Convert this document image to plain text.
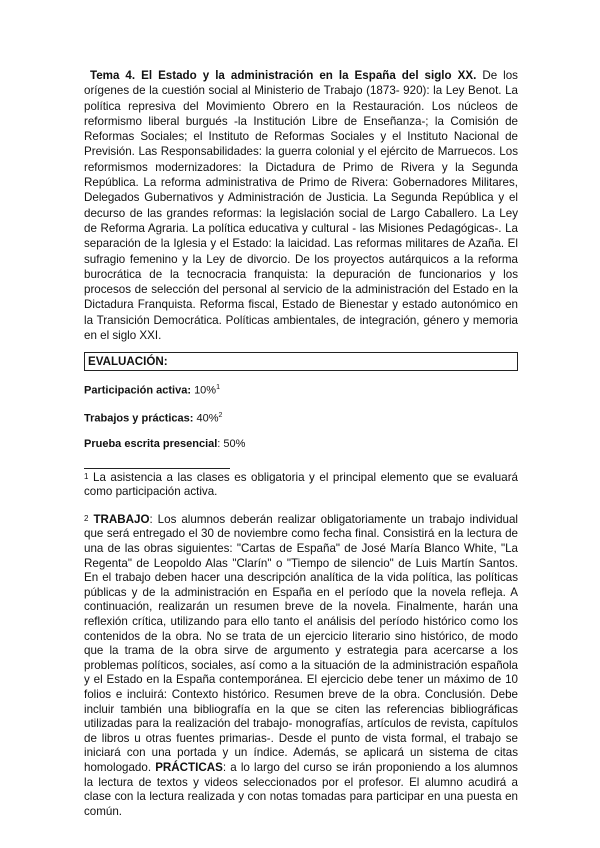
Tema 4. El Estado y la administración en la España del siglo XX. De los orígenes de la cuestión social al Ministerio de Trabajo (1873- 920): la Ley Benot. La política represiva del Movimiento Obrero en la Restauración. Los núcleos de reformismo liberal burgués -la Institución Libre de Enseñanza-; la Comisión de Reformas Sociales; el Instituto de Reformas Sociales y el Instituto Nacional de Previsión. Las Responsabilidades: la guerra colonial y el ejército de Marruecos. Los reformismos modernizadores: la Dictadura de Primo de Rivera y la Segunda República. La reforma administrativa de Primo de Rivera: Gobernadores Militares, Delegados Gubernativos y Administración de Justicia. La Segunda República y el decurso de las grandes reformas: la legislación social de Largo Caballero. La Ley de Reforma Agraria. La política educativa y cultural - las Misiones Pedagógicas-. La separación de la Iglesia y el Estado: la laicidad. Las reformas militares de Azaña. El sufragio femenino y la Ley de divorcio. De los proyectos autárquicos a la reforma burocrática de la tecnocracia franquista: la depuración de funcionarios y los procesos de selección del personal al servicio de la administración del Estado en la Dictadura Franquista. Reforma fiscal, Estado de Bienestar y estado autonómico en la Transición Democrática. Políticas ambientales, de integración, género y memoria en el siglo XXI.

EVALUACIÓN:

Participación activa: 10%$^1$

Trabajos y prácticas: 40%$^2$

Prueba escrita presencial: 50%

$^1$ La asistencia a las clases es obligatoria y el principal elemento que se evaluará como participación activa.

$^2$ TRABAJO: Los alumnos deberán realizar obligatoriamente un trabajo individual que será entregado el 30 de noviembre como fecha final. Consistirá en la lectura de una de las obras siguientes: "Cartas de España" de José María Blanco White, "La Regenta" de Leopoldo Alas "Clarín" o "Tiempo de silencio" de Luis Martín Santos. En el trabajo deben hacer una descripción analítica de la vida política, las políticas públicas y de la administración en España en el período que la novela refleja. A continuación, realizarán un resumen breve de la novela. Finalmente, harán una reflexión crítica, utilizando para ello tanto el análisis del período histórico como los contenidos de la obra. No se trata de un ejercicio literario sino histórico, de modo que la trama de la obra sirve de argumento y estrategia para acercarse a los problemas políticos, sociales, así como a la situación de la administración española y el Estado en la España contemporánea. El ejercicio debe tener un máximo de 10 folios e incluirá: Contexto histórico. Resumen breve de la obra. Conclusión. Debe incluir también una bibliografía en la que se citen las referencias bibliográficas utilizadas para la realización del trabajo- monografías, artículos de revista, capítulos de libros u otras fuentes primarias-. Desde el punto de vista formal, el trabajo se iniciará con una portada y un índice. Además, se aplicará un sistema de citas homologado. PRÁCTICAS: a lo largo del curso se irán proponiendo a los alumnos la lectura de textos y videos seleccionados por el profesor. El alumno acudirá a clase con la lectura realizada y con notas tomadas para participar en una puesta en común.
